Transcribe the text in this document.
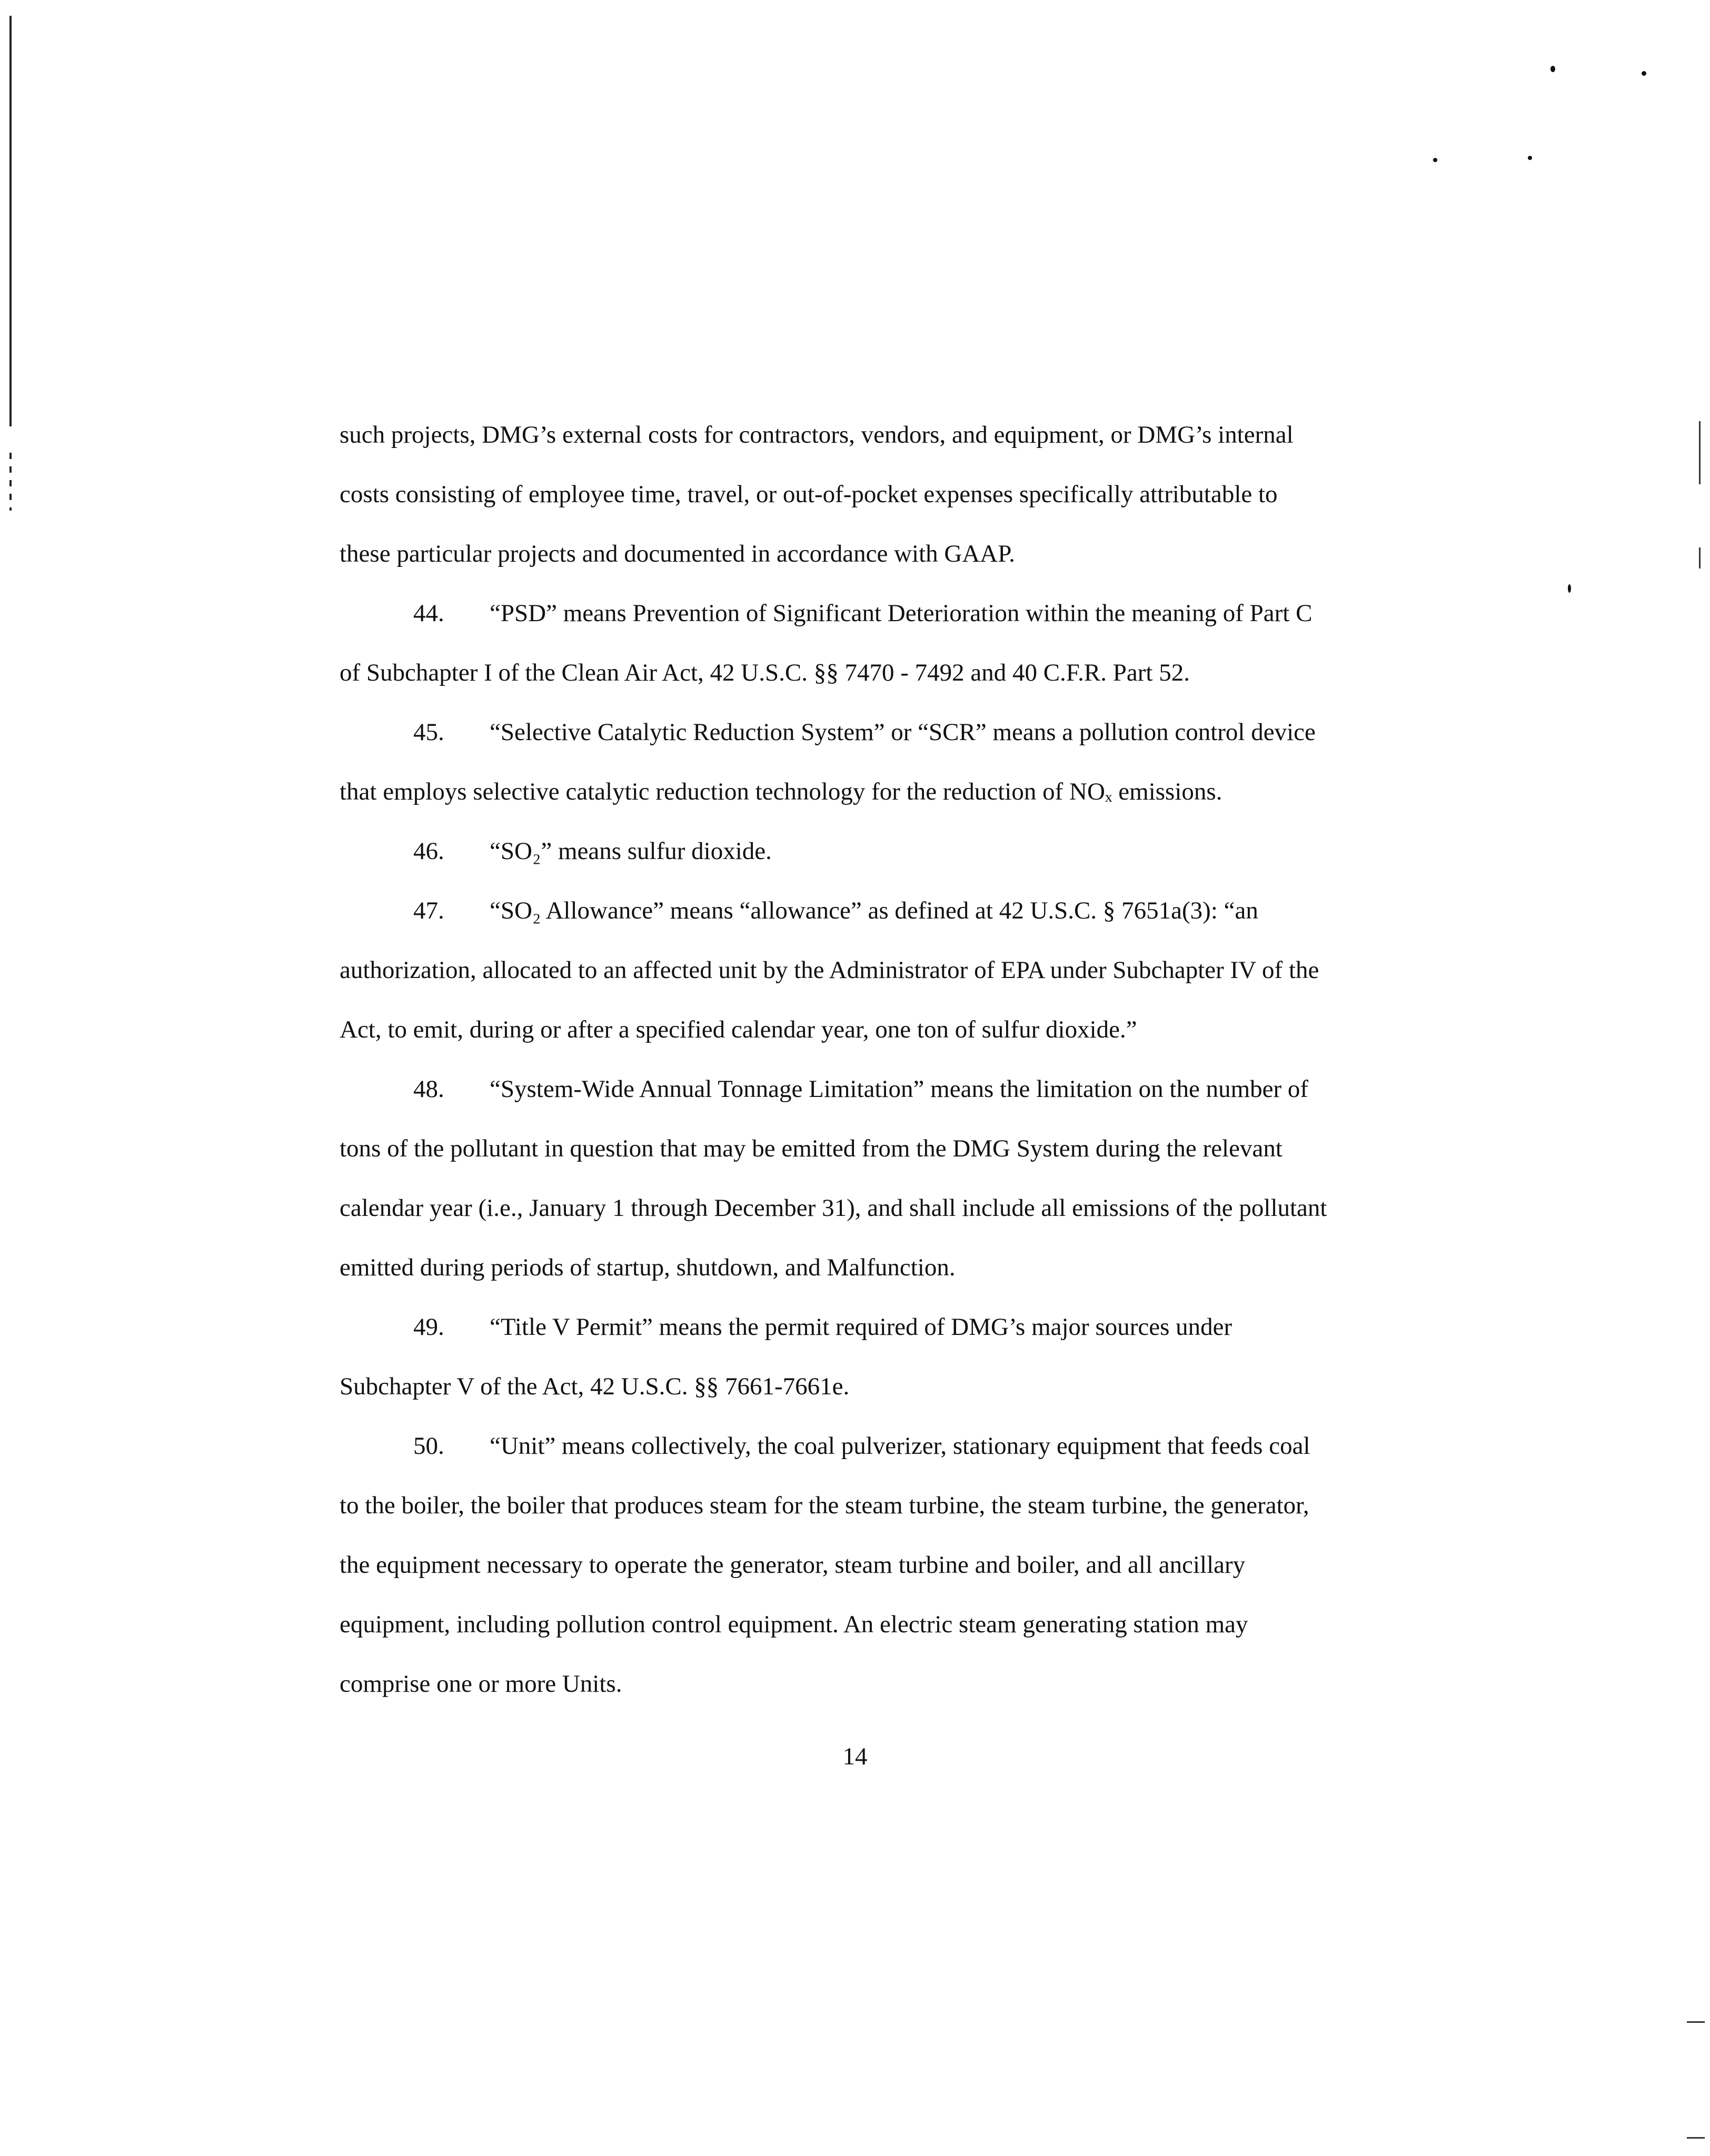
such projects, DMG’s external costs for contractors, vendors, and equipment, or DMG’s internal costs consisting of employee time, travel, or out-of-pocket expenses specifically attributable to these particular projects and documented in accordance with GAAP.

44. “PSD” means Prevention of Significant Deterioration within the meaning of Part C of Subchapter I of the Clean Air Act, 42 U.S.C. §§ 7470 - 7492 and 40 C.F.R. Part 52.

45. “Selective Catalytic Reduction System” or “SCR” means a pollution control device that employs selective catalytic reduction technology for the reduction of NOₓ emissions.

46. “SO₂” means sulfur dioxide.

47. “SO₂ Allowance” means “allowance” as defined at 42 U.S.C. § 7651a(3): “an authorization, allocated to an affected unit by the Administrator of EPA under Subchapter IV of the Act, to emit, during or after a specified calendar year, one ton of sulfur dioxide.”

48. “System-Wide Annual Tonnage Limitation” means the limitation on the number of tons of the pollutant in question that may be emitted from the DMG System during the relevant calendar year (i.e., January 1 through December 31), and shall include all emissions of the pollutant emitted during periods of startup, shutdown, and Malfunction.

49. “Title V Permit” means the permit required of DMG’s major sources under Subchapter V of the Act, 42 U.S.C. §§ 7661-7661e.

50. “Unit” means collectively, the coal pulverizer, stationary equipment that feeds coal to the boiler, the boiler that produces steam for the steam turbine, the steam turbine, the generator, the equipment necessary to operate the generator, steam turbine and boiler, and all ancillary equipment, including pollution control equipment. An electric steam generating station may comprise one or more Units.

14
